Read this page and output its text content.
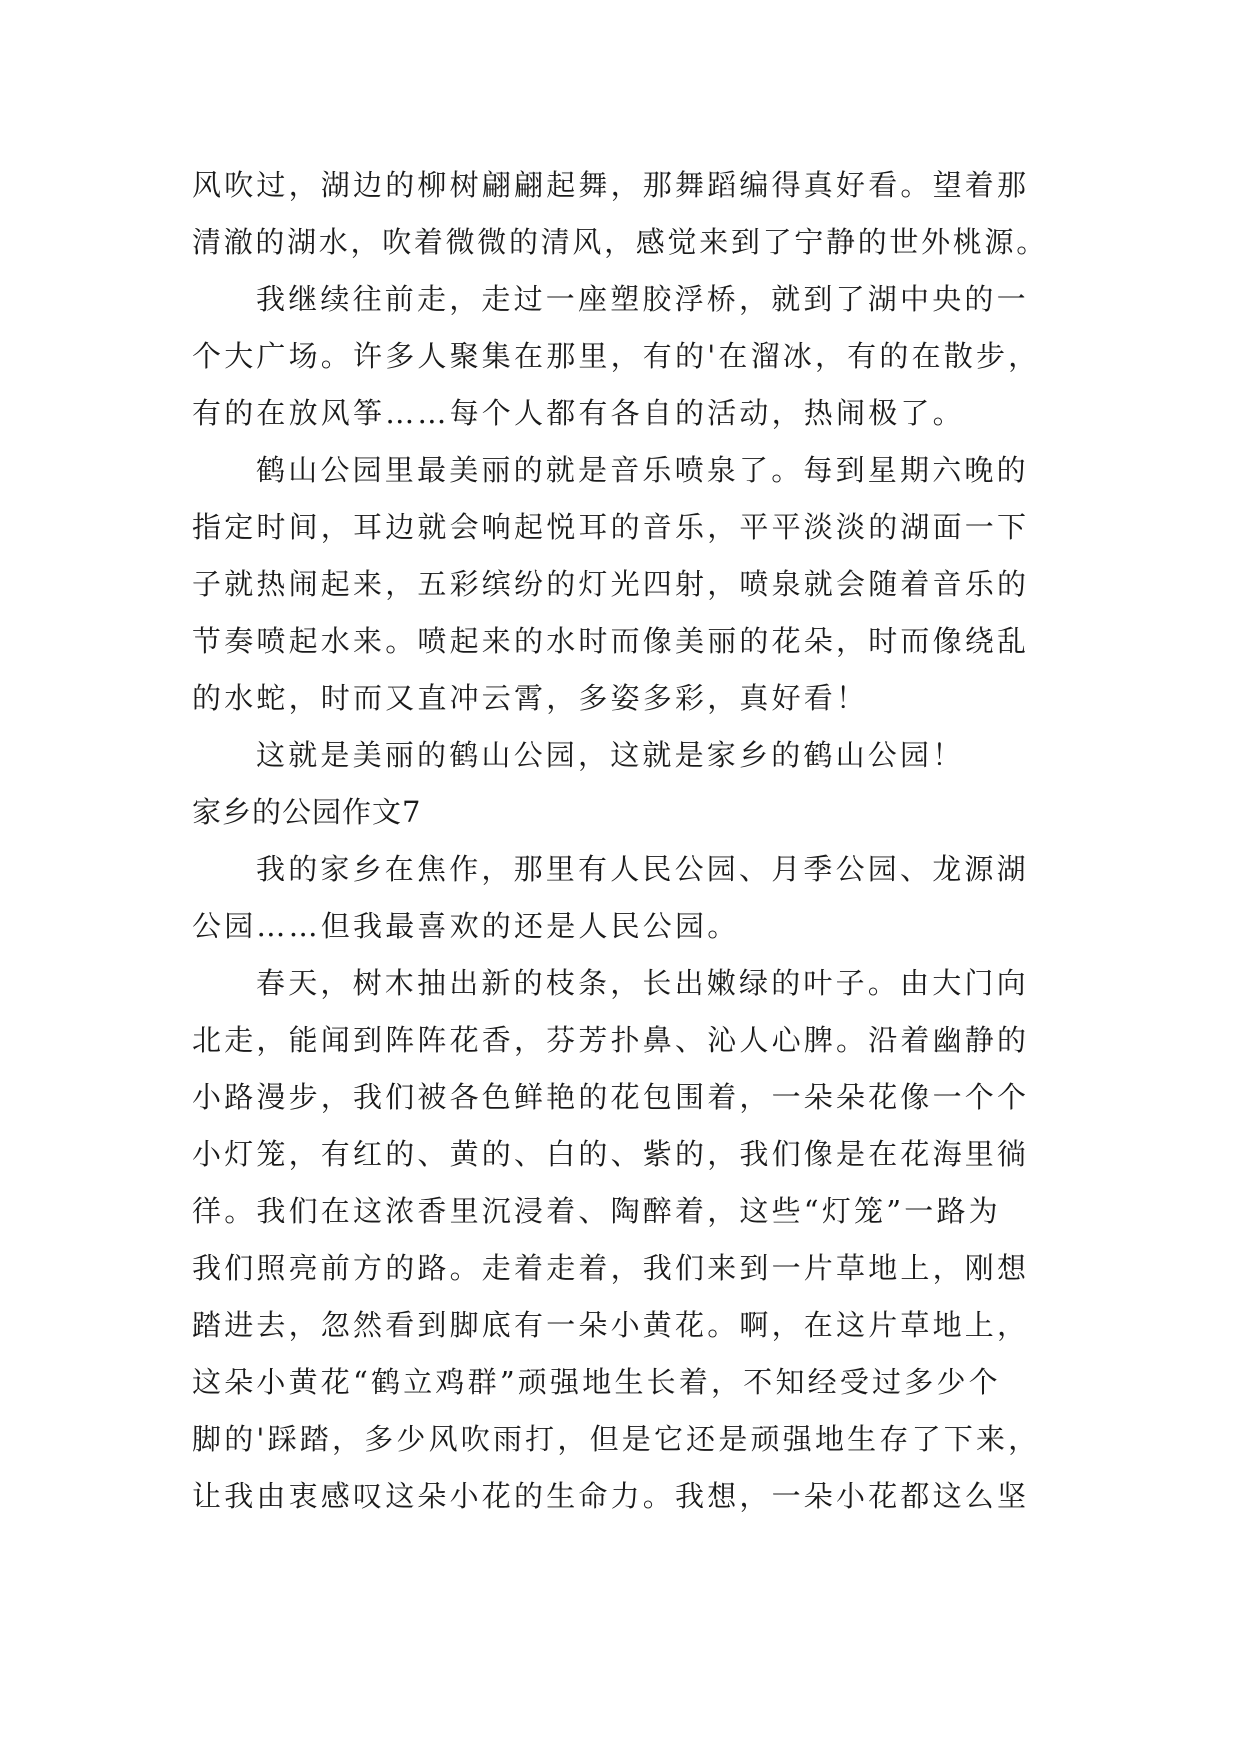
风吹过，湖边的柳树翩翩起舞，那舞蹈编得真好看。望着那
清澈的湖水，吹着微微的清风，感觉来到了宁静的世外桃源。
我继续往前走，走过一座塑胶浮桥，就到了湖中央的一
个大广场。许多人聚集在那里，有的'在溜冰，有的在散步，
有的在放风筝……每个人都有各自的活动，热闹极了。
鹤山公园里最美丽的就是音乐喷泉了。每到星期六晚的
指定时间，耳边就会响起悦耳的音乐，平平淡淡的湖面一下
子就热闹起来，五彩缤纷的灯光四射，喷泉就会随着音乐的
节奏喷起水来。喷起来的水时而像美丽的花朵，时而像绕乱
的水蛇，时而又直冲云霄，多姿多彩，真好看！
这就是美丽的鹤山公园，这就是家乡的鹤山公园！
家乡的公园作文7
我的家乡在焦作，那里有人民公园、月季公园、龙源湖
公园……但我最喜欢的还是人民公园。
春天，树木抽出新的枝条，长出嫩绿的叶子。由大门向
北走，能闻到阵阵花香，芬芳扑鼻、沁人心脾。沿着幽静的
小路漫步，我们被各色鲜艳的花包围着，一朵朵花像一个个
小灯笼，有红的、黄的、白的、紫的，我们像是在花海里徜
徉。我们在这浓香里沉浸着、陶醉着，这些“灯笼”一路为
我们照亮前方的路。走着走着，我们来到一片草地上，刚想
踏进去，忽然看到脚底有一朵小黄花。啊，在这片草地上，
这朵小黄花“鹤立鸡群”顽强地生长着，不知经受过多少个
脚的'踩踏，多少风吹雨打，但是它还是顽强地生存了下来，
让我由衷感叹这朵小花的生命力。我想，一朵小花都这么坚
